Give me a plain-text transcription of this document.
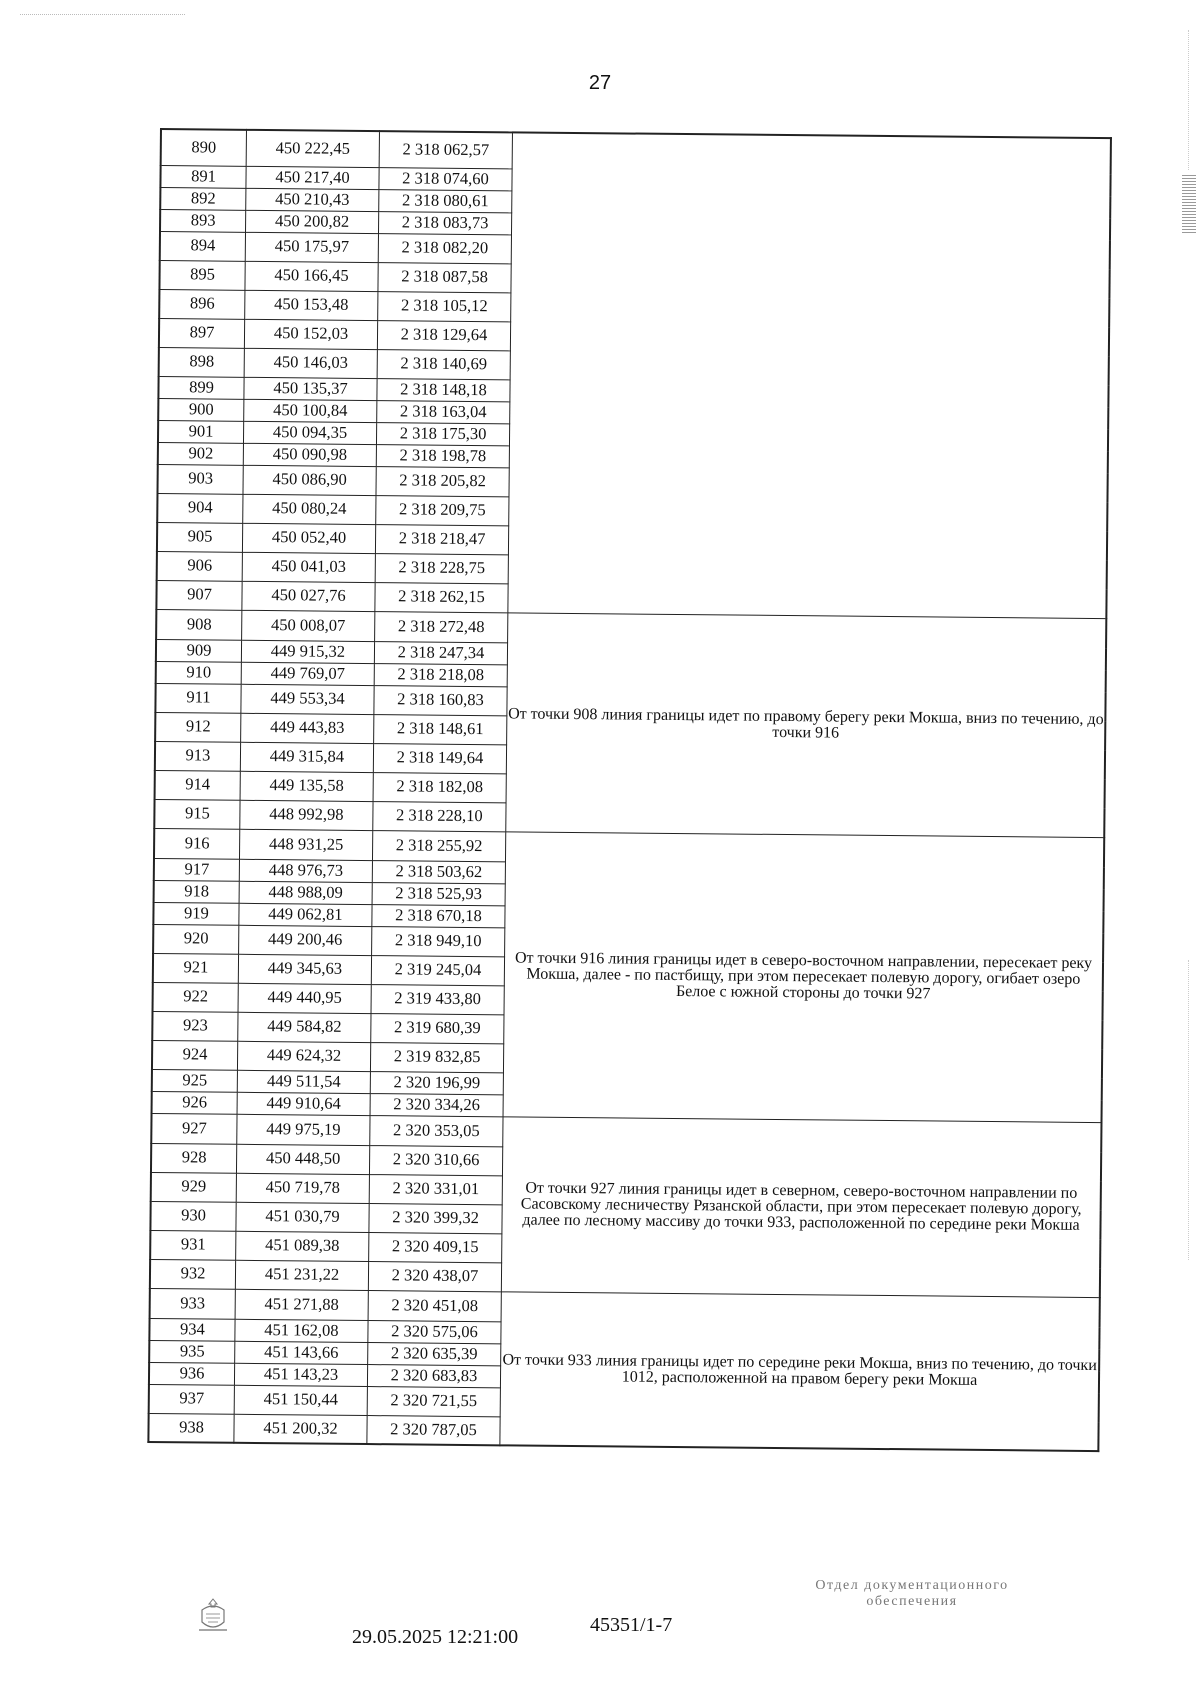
27
890	450 222,45	2 318 062,57	
891	450 217,40	2 318 074,60	
892	450 210,43	2 318 080,61	
893	450 200,82	2 318 083,73	
894	450 175,97	2 318 082,20	
895	450 166,45	2 318 087,58	
896	450 153,48	2 318 105,12	
897	450 152,03	2 318 129,64	
898	450 146,03	2 318 140,69	
899	450 135,37	2 318 148,18	
900	450 100,84	2 318 163,04	
901	450 094,35	2 318 175,30	
902	450 090,98	2 318 198,78	
903	450 086,90	2 318 205,82	
904	450 080,24	2 318 209,75	
905	450 052,40	2 318 218,47	
906	450 041,03	2 318 228,75	
907	450 027,76	2 318 262,15	
908	450 008,07	2 318 272,48	От точки 908 линия границы идет по правому берегу реки Мокша, вниз по течению, до точки 916
909	449 915,32	2 318 247,34	
910	449 769,07	2 318 218,08	
911	449 553,34	2 318 160,83	
912	449 443,83	2 318 148,61	
913	449 315,84	2 318 149,64	
914	449 135,58	2 318 182,08	
915	448 992,98	2 318 228,10	
916	448 931,25	2 318 255,92	От точки 916 линия границы идет в северо-восточном направлении, пересекает реку Мокша, далее - по пастбищу, при этом пересекает полевую дорогу, огибает озеро Белое с южной стороны до точки 927
917	448 976,73	2 318 503,62	
918	448 988,09	2 318 525,93	
919	449 062,81	2 318 670,18	
920	449 200,46	2 318 949,10	
921	449 345,63	2 319 245,04	
922	449 440,95	2 319 433,80	
923	449 584,82	2 319 680,39	
924	449 624,32	2 319 832,85	
925	449 511,54	2 320 196,99	
926	449 910,64	2 320 334,26	
927	449 975,19	2 320 353,05	От точки 927 линия границы идет в северном, северо-восточном направлении по Сасовскому лесничеству Рязанской области, при этом пересекает полевую дорогу, далее по лесному массиву до точки 933, расположенной по середине реки Мокша
928	450 448,50	2 320 310,66	
929	450 719,78	2 320 331,01	
930	451 030,79	2 320 399,32	
931	451 089,38	2 320 409,15	
932	451 231,22	2 320 438,07	
933	451 271,88	2 320 451,08	От точки 933 линия границы идет по середине реки Мокша, вниз по течению, до точки 1012, расположенной на правом берегу реки Мокша
934	451 162,08	2 320 575,06	
935	451 143,66	2 320 635,39	
936	451 143,23	2 320 683,83	
937	451 150,44	2 320 721,55	
938	451 200,32	2 320 787,05	
29.05.2025 12:21:00
45351/1-7
Отдел документационного
обеспечения
